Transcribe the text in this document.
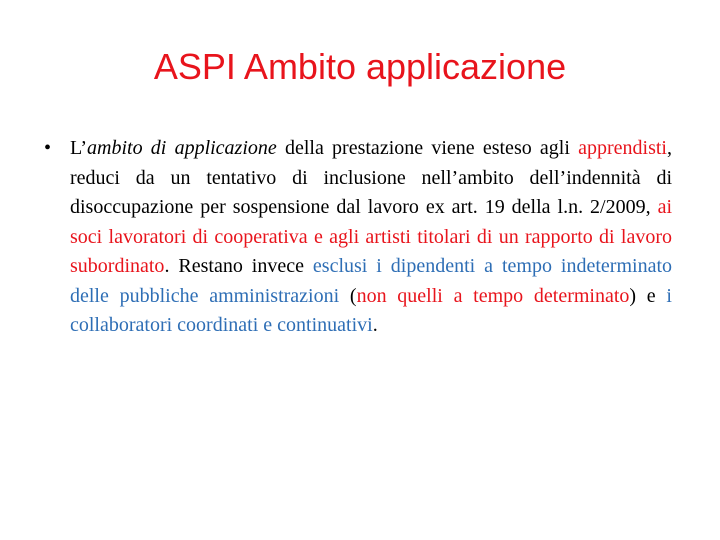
ASPI Ambito applicazione
• L’ambito di applicazione della prestazione viene esteso agli apprendisti, reduci da un tentativo di inclusione nell’ambito dell’indennità di disoccupazione per sospensione dal lavoro ex art. 19 della l.n. 2/2009, ai soci lavoratori di cooperativa e agli artisti titolari di un rapporto di lavoro subordinato. Restano invece esclusi i dipendenti a tempo indeterminato delle pubbliche amministrazioni (non quelli a tempo determinato) e i collaboratori coordinati e continuativi.
